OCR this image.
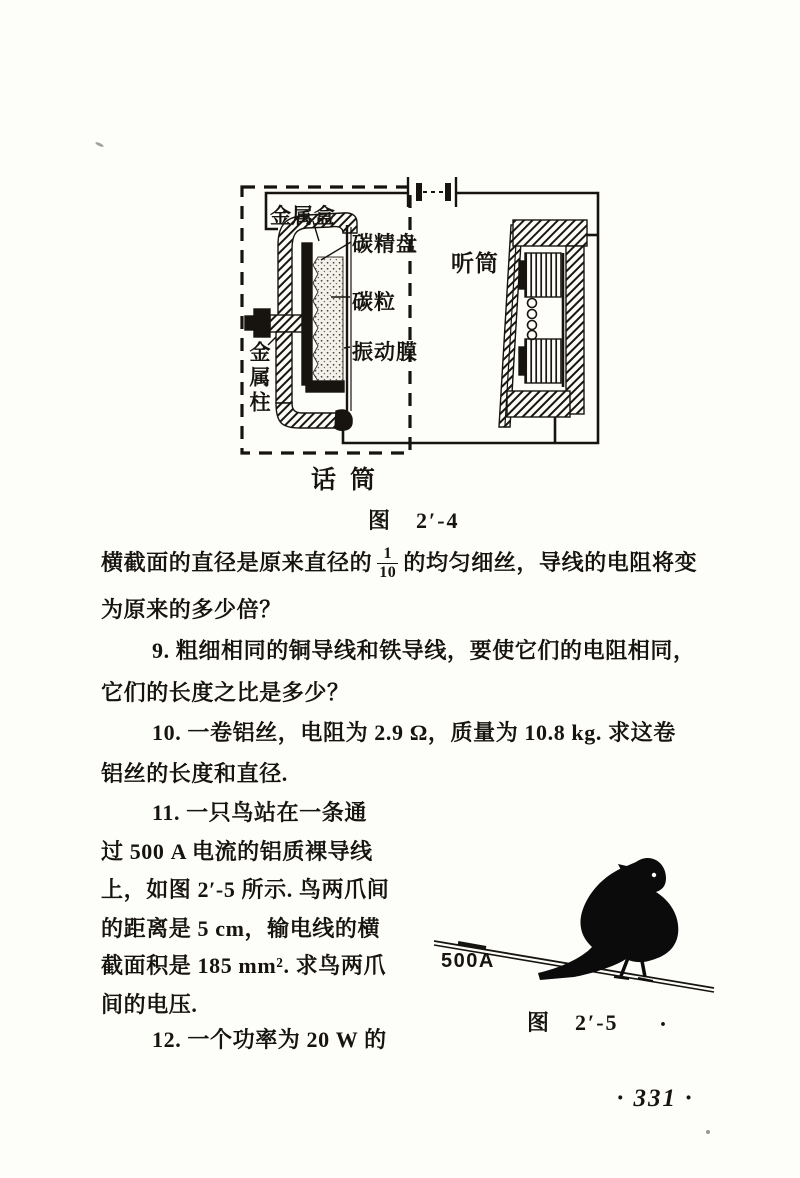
金属盒
碳精盘
碳粒
振动膜
金属柱
听筒
话筒
图　2′-4
横截面的直径是原来直径的 $\frac{1}{10}$ 的均匀细丝，导线的电阻将变
为原来的多少倍？
9. 粗细相同的铜导线和铁导线，要使它们的电阻相同，
它们的长度之比是多少？
10. 一卷铝丝，电阻为 2.9 Ω，质量为 10.8 kg. 求这卷
铝丝的长度和直径.
11. 一只鸟站在一条通
过 500 A 电流的铝质裸导线
上，如图 2′-5 所示. 鸟两爪间
的距离是 5 cm，输电线的横
截面积是 185 mm². 求鸟两爪
间的电压.
12. 一个功率为 20 W 的
500A
图　2′-5 .
· 331 ·
